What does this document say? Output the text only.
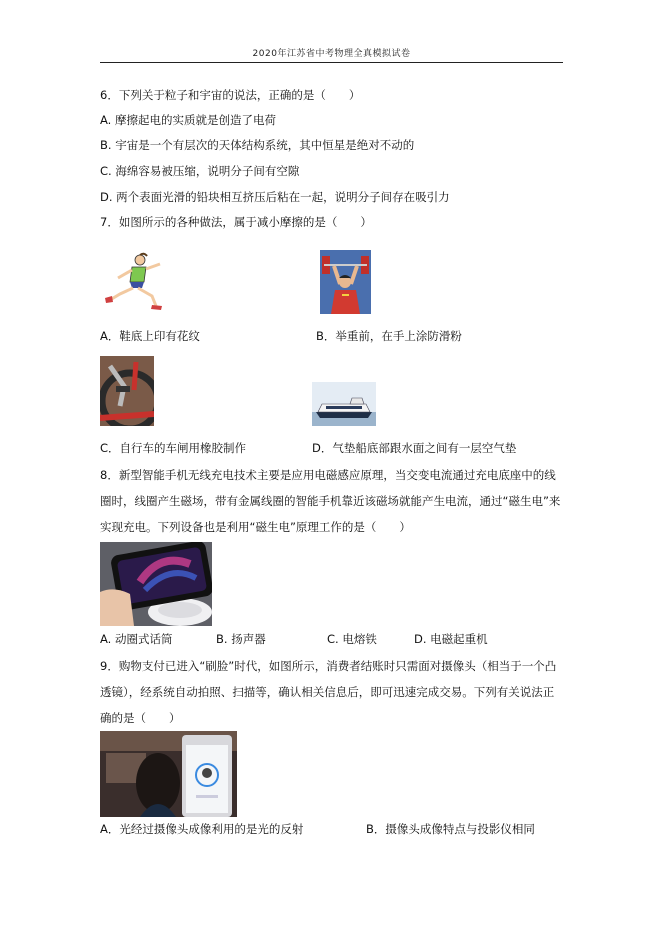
2020年江苏省中考物理全真模拟试卷
6．下列关于粒子和宇宙的说法，正确的是（　　）
A. 摩擦起电的实质就是创造了电荷
B. 宇宙是一个有层次的天体结构系统，其中恒星是绝对不动的
C. 海绵容易被压缩，说明分子间有空隙
D. 两个表面光滑的铅块相互挤压后粘在一起，说明分子间存在吸引力
7．如图所示的各种做法，属于减小摩擦的是（　　）
A．鞋底上印有花纹	B．举重前，在手上涂防滑粉
C．自行车的车闸用橡胶制作	D．气垫船底部跟水面之间有一层空气垫
8．新型智能手机无线充电技术主要是应用电磁感应原理，当交变电流通过充电底座中的线
圈时，线圈产生磁场，带有金属线圈的智能手机靠近该磁场就能产生电流，通过“磁生电”来
实现充电。下列设备也是利用“磁生电”原理工作的是（　　）
A. 动圈式话筒	B. 扬声器	C. 电熔铁	D. 电磁起重机
9．购物支付已进入“刷脸”时代，如图所示，消费者结账时只需面对摄像头（相当于一个凸
透镜），经系统自动拍照、扫描等，确认相关信息后，即可迅速完成交易。下列有关说法正
确的是（　　）
A．光经过摄像头成像利用的是光的反射	B．摄像头成像特点与投影仪相同
